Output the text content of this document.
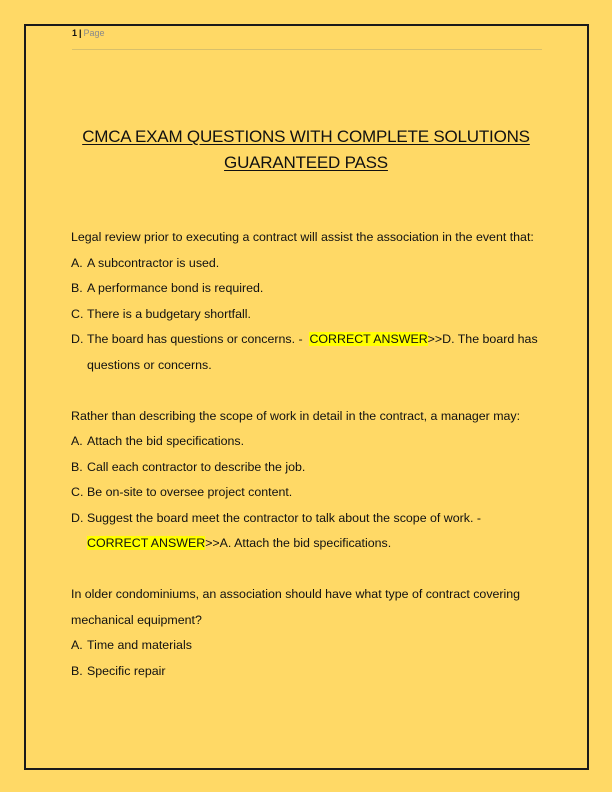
1 | Page
CMCA EXAM QUESTIONS WITH COMPLETE SOLUTIONS
GUARANTEED PASS

Legal review prior to executing a contract will assist the association in the event that:

A. A subcontractor is used.
B. A performance bond is required.
C. There is a budgetary shortfall.
D. The board has questions or concerns. - CORRECT ANSWER>>D. The board has questions or concerns.

Rather than describing the scope of work in detail in the contract, a manager may:

A. Attach the bid specifications.
B. Call each contractor to describe the job.
C. Be on-site to oversee project content.
D. Suggest the board meet the contractor to talk about the scope of work. -
CORRECT ANSWER>>A. Attach the bid specifications.

In older condominiums, an association should have what type of contract covering mechanical equipment?

A. Time and materials
B. Specific repair
